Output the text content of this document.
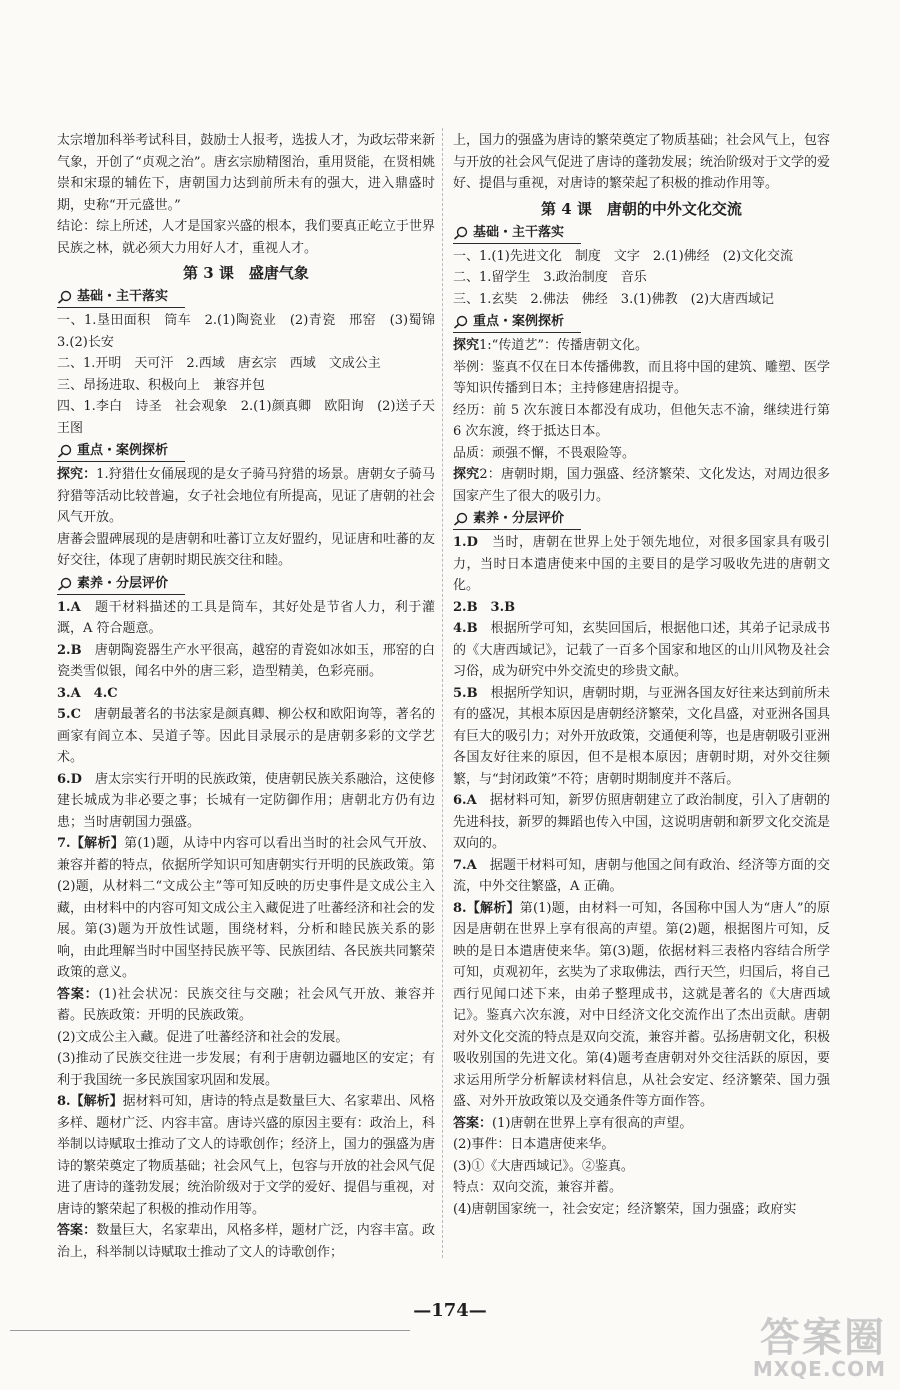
太宗增加科举考试科目，鼓励士人报考，选拔人才，为政坛带来新气象，开创了“贞观之治”。唐玄宗励精图治，重用贤能，在贤相姚崇和宋璟的辅佐下，唐朝国力达到前所未有的强大，进入鼎盛时期，史称“开元盛世。”

结论：综上所述，人才是国家兴盛的根本，我们要真正屹立于世界民族之林，就必须大力用好人才，重视人才。

第 3 课　盛唐气象
基础・主干落实

一、1.垦田面积　筒车　2.(1)陶瓷业　(2)青瓷　邢窑　(3)蜀锦　3.(2)长安

二、1.开明　天可汗　2.西域　唐玄宗　西域　文成公主

三、昂扬进取、积极向上　兼容并包

四、1.李白　诗圣　社会观象　2.(1)颜真卿　欧阳询　(2)送子天王图

重点・案例探析

探究：1.狩猎仕女俑展现的是女子骑马狩猎的场景。唐朝女子骑马狩猎等活动比较普遍，女子社会地位有所提高，见证了唐朝的社会风气开放。

唐蕃会盟碑展现的是唐朝和吐蕃订立友好盟约，见证唐和吐蕃的友好交往，体现了唐朝时期民族交往和睦。

素养・分层评价

1.A　 题干材料描述的工具是筒车，其好处是节省人力，利于灌溉，A 符合题意。

2.B　 唐朝陶瓷器生产水平很高，越窑的青瓷如冰如玉，邢窑的白瓷类雪似银，闻名中外的唐三彩，造型精美，色彩亮丽。

3.A　4.C

5.C　 唐朝最著名的书法家是颜真卿、柳公权和欧阳询等，著名的画家有阎立本、吴道子等。因此目录展示的是唐朝多彩的文学艺术。

6.D　 唐太宗实行开明的民族政策，使唐朝民族关系融洽，这使修建长城成为非必要之事；长城有一定防御作用；唐朝北方仍有边患；当时唐朝国力强盛。

7.【解析】第(1)题，从诗中内容可以看出当时的社会风气开放、兼容并蓄的特点，依据所学知识可知唐朝实行开明的民族政策。第(2)题，从材料二“文成公主”等可知反映的历史事件是文成公主入藏，由材料中的内容可知文成公主入藏促进了吐蕃经济和社会的发展。第(3)题为开放性试题，围绕材料，分析和睦民族关系的影响，由此理解当时中国坚持民族平等、民族团结、各民族共同繁荣政策的意义。

答案：(1)社会状况：民族交往与交融；社会风气开放、兼容并蓄。民族政策：开明的民族政策。

(2)文成公主入藏。促进了吐蕃经济和社会的发展。

(3)推动了民族交往进一步发展；有利于唐朝边疆地区的安定；有利于我国统一多民族国家巩固和发展。

8.【解析】据材料可知，唐诗的特点是数量巨大、名家辈出、风格多样、题材广泛、内容丰富。唐诗兴盛的原因主要有：政治上，科举制以诗赋取士推动了文人的诗歌创作；经济上，国力的强盛为唐诗的繁荣奠定了物质基础；社会风气上，包容与开放的社会风气促进了唐诗的蓬勃发展；统治阶级对于文学的爱好、提倡与重视，对唐诗的繁荣起了积极的推动作用等。

答案：数量巨大，名家辈出，风格多样，题材广泛，内容丰富。政治上，科举制以诗赋取士推动了文人的诗歌创作；

上，国力的强盛为唐诗的繁荣奠定了物质基础；社会风气上，包容与开放的社会风气促进了唐诗的蓬勃发展；统治阶级对于文学的爱好、提倡与重视，对唐诗的繁荣起了积极的推动作用等。

第 4 课　唐朝的中外文化交流
基础・主干落实

一、1.(1)先进文化　制度　文字　2.(1)佛经　(2)文化交流

二、1.留学生　3.政治制度　音乐

三、1.玄奘　2.佛法　佛经　3.(1)佛教　(2)大唐西域记

重点・案例探析

探究1:“传道艺”：传播唐朝文化。

举例：鉴真不仅在日本传播佛教，而且将中国的建筑、雕塑、医学等知识传播到日本；主持修建唐招提寺。

经历：前 5 次东渡日本都没有成功，但他矢志不渝，继续进行第 6 次东渡，终于抵达日本。

品质：顽强不懈，不畏艰险等。

探究2：唐朝时期，国力强盛、经济繁荣、文化发达，对周边很多国家产生了很大的吸引力。

素养・分层评价

1.D　 当时，唐朝在世界上处于领先地位，对很多国家具有吸引力，当时日本遣唐使来中国的主要目的是学习吸收先进的唐朝文化。

2.B　3.B

4.B　 根据所学可知，玄奘回国后，根据他口述，其弟子记录成书的《大唐西域记》，记载了一百多个国家和地区的山川风物及社会习俗，成为研究中外交流史的珍贵文献。

5.B　 根据所学知识，唐朝时期，与亚洲各国友好往来达到前所未有的盛况，其根本原因是唐朝经济繁荣，文化昌盛，对亚洲各国具有巨大的吸引力；对外开放政策，交通便利等，也是唐朝吸引亚洲各国友好往来的原因，但不是根本原因；唐朝时期，对外交往频繁，与“封闭政策”不符；唐朝时期制度并不落后。

6.A　 据材料可知，新罗仿照唐朝建立了政治制度，引入了唐朝的先进科技，新罗的舞蹈也传入中国，这说明唐朝和新罗文化交流是双向的。

7.A　 据题干材料可知，唐朝与他国之间有政治、经济等方面的交流，中外交往繁盛，A 正确。

8.【解析】第(1)题，由材料一可知，各国称中国人为“唐人”的原因是唐朝在世界上享有很高的声望。第(2)题，根据图片可知，反映的是日本遣唐使来华。第(3)题，依据材料三表格内容结合所学可知，贞观初年，玄奘为了求取佛法，西行天竺，归国后，将自己西行见闻口述下来，由弟子整理成书，这就是著名的《大唐西域记》。鉴真六次东渡，对中日经济文化交流作出了杰出贡献。唐朝对外文化交流的特点是双向交流，兼容并蓄。弘扬唐朝文化，积极吸收别国的先进文化。第(4)题考查唐朝对外交往活跃的原因，要求运用所学分析解读材料信息，从社会安定、经济繁荣、国力强盛、对外开放政策以及交通条件等方面作答。

答案：(1)唐朝在世界上享有很高的声望。

(2)事件：日本遣唐使来华。

(3)①《大唐西域记》。②鉴真。

特点：双向交流，兼容并蓄。

(4)唐朝国家统一，社会安定；经济繁荣，国力强盛；政府实

—174—
答案圈
MXQE.COM
